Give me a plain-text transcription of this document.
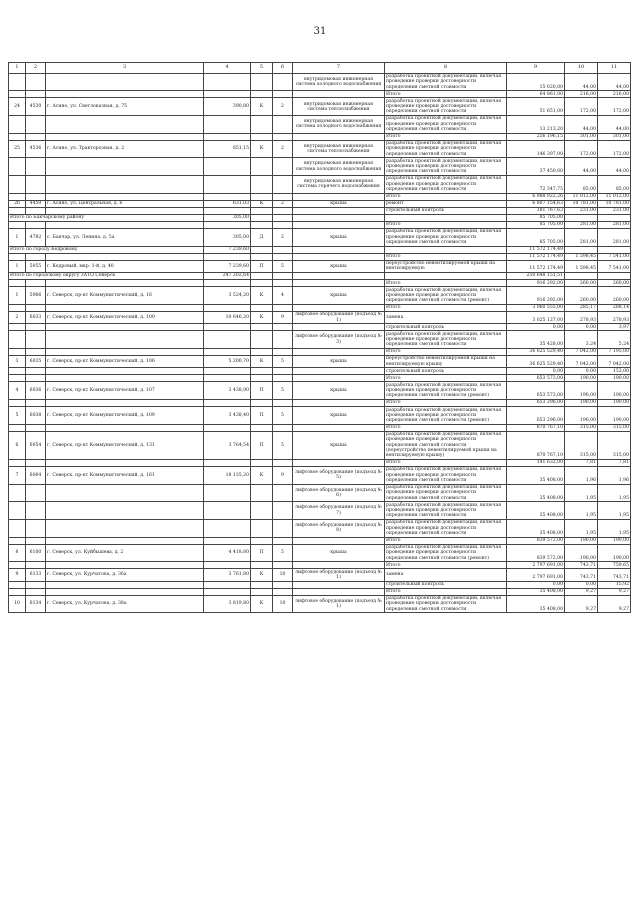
31
1	2	3	4	5	6	7	8	9	10	11
						внутридомовая инженерная система холодного водоснабжения	разработка проектной документации, включая проведение проверки достоверности определения сметной стоимости	15 020,00	44,00	44,00
							Итого	64 861,00	216,00	216,00
24	4530	г. Асино, ул. Светлоказная, д. 75	390,80	К	2	внутридомовая инженерная система теплоснабжения	разработка проектной документации, включая проведение проверки достоверности определения сметной стоимости	51 651,00	172,00	172,00
						внутридомовая инженерная система холодного водоснабжения	разработка проектной документации, включая проведение проверки достоверности определения сметной стоимости	13 213,20	44,00	44,00
							Итого	256 196,15	301,00	301,00
25	4536	г. Асино, ул. Тракторозная, д. 2	851,15	К	2	внутридомовая инженерная система теплоснабжения	разработка проектной документации, включая проведение проверки достоверности определения сметной стоимости	146 397,00	172,00	172,00
						внутридомовая инженерная система холодного водоснабжения	разработка проектной документации, включая проведение проверки достоверности определения сметной стоимости	37 450,00	44,00	44,00
						внутридомовая инженерная система горячего водоснабжения	разработка проектной документации, включая проведение проверки достоверности определения сметной стоимости	72 347,75	85,00	85,00
							Итого	6 988 922,26	11 012,00	11 012,00
26	4459	г. Асино, ул. Центральная, д. 6	631,03	К	2	крыша	ремонт	6 807 154,63	10 781,00	10 781,00
							строительный контроль	181 767,63	231,00	231,00
Итого по Бакчарскому району			305,00					85 705,00		
							Итого	85 705,00	281,00	281,00
1	4782	с. Бакчар, ул. Ленина, д. 5а	305,00	Д	2	крыша	разработка проектной документации, включая проведение проверки достоверности определения сметной стоимости	85 705,00	281,00	281,00
Итого по городу Кедровому			7 239,60					11 572 174,49		
							Итого	11 572 174,49	1 598,45	7 541,00
1	5055	г. Кедровый, мкр. 1-й, д. 40	7 239,60	П	5	крыша	переустройство невентилируемой крыши на вентилируемую	11 572 174,49	1 598,45	7 541,00
Итого по городскому округу ЗАТО Северск			247 202,64					250 648 151,51		
							Итого	916 292,00	260,00	260,00
1	5966	г. Северск, пр-кт Коммунистический, д. 16	3 524,20	К	4	крыша	разработка проектной документации, включая проведение проверки достоверности определения сметной стоимости (ремонт)	916 292,00	260,00	260,00
							Итого	3 060 555,00	285,17	288,14
2	6033	г. Северск, пр-кт Коммунистический, д. 100	10 646,20	К	9	лифтовое оборудование (подъезд № 1)	замена	3 025 127,00	278,93	278,93
							строительный контроль	0,00	0,00	3,97
						лифтовое оборудование (подъезд № 3)	разработка проектной документации, включая проведение проверки достоверности определения сметной стоимости	35 428,00	3,24	5,24
							Итого	36 625 529,40	7 042,00	7 195,00
3	6035	г. Северск, пр-кт Коммунистический, д. 106	5 200,70	К	5	крыша	переустройство невентилируемой крыши на вентилируемую крышу	36 625 529,40	7 042,00	7 042,00
							строительный контроль	0,00	0,00	153,00
							Итого	653 573,00	190,00	190,00
4	6036	г. Северск, пр-кт Коммунистический, д. 107	3 438,90	П	5	крыша	разработка проектной документации, включая проведение проверки достоверности определения сметной стоимости (ремонт)	653 573,00	190,00	190,00
							Итого	653 296,00	190,00	190,00
5	6038	г. Северск, пр-кт Коммунистический, д. 109	3 438,40	П	5	крыша	разработка проектной документации, включая проведение проверки достоверности определения сметной стоимости (ремонт)	653 296,00	190,00	190,00
							Итого	870 767,10	315,00	315,00
6	6054	г. Северск, пр-кт Коммунистический, д. 131	3 764,54	П	5	крыша	разработка проектной документации, включая проведение проверки достоверности определения сметной стоимости (переустройство невентилируемой крыши на вентилируемую крышу)	870 767,10	315,00	315,00
							Итого	141 632,00	7,81	7,81
7	6064	г. Северск, пр-кт Коммунистический, д. 161	18 135,20	К	9	лифтовое оборудование (подъезд № 5)	разработка проектной документации, включая проведение проверки достоверности определения сметной стоимости	35 408,00	1,96	1,96
						лифтовое оборудование (подъезд № 6)	разработка проектной документации, включая проведение проверки достоверности определения сметной стоимости	35 408,00	1,95	1,95
						лифтовое оборудование (подъезд № 7)	разработка проектной документации, включая проведение проверки достоверности определения сметной стоимости	35 408,00	1,95	1,95
						лифтовое оборудование (подъезд № 8)	разработка проектной документации, включая проведение проверки достоверности определения сметной стоимости	35 408,00	1,95	1,95
							Итого	839 572,00	190,00	190,00
8	6100	г. Северск, ул. Куйбышева, д. 2	4 418,80	П	5	крыша	разработка проектной документации, включая проведение проверки достоверности определения сметной стоимости (ремонт)	839 572,00	190,00	190,00
							Итого	2 797 691,00	743,71	759,65
9	6133	г. Северск, ул. Курчатова, д. 36а	3 761,80	К	10	лифтовое оборудование (подъезд № 1)	замена	2 797 691,00	743,71	743,71
							строительный контроль	0,00	0,00	15,92
							Итого	35 408,00	9,27	9,27
10	6134	г. Северск, ул. Курчатова, д. 38а	3 819,80	К	10	лифтовое оборудование (подъезд № 1)	разработка проектной документации, включая проведение проверки достоверности определения сметной стоимости	35 408,00	9,27	9,27
